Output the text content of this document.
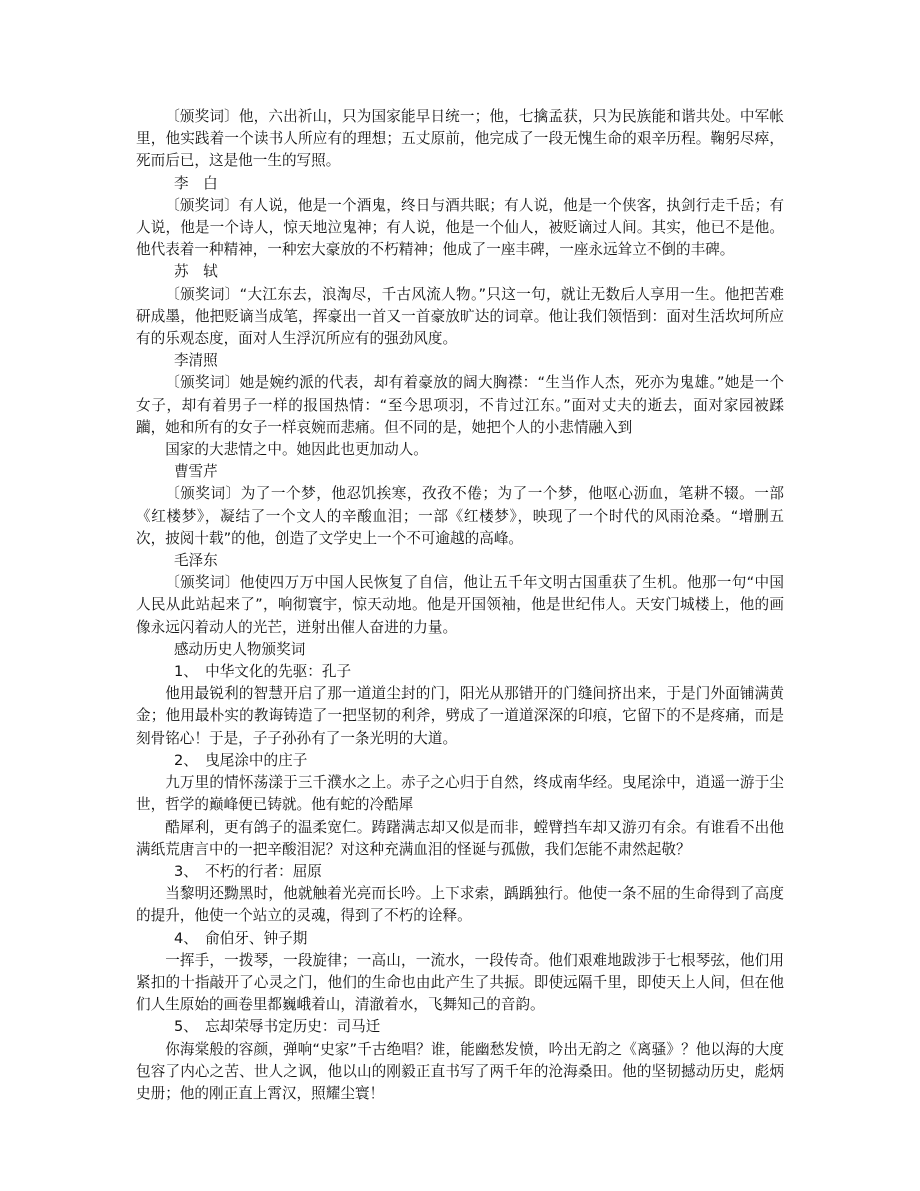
〔颁奖词〕他，六出祈山，只为国家能早日统一；他，七擒孟获，只为民族能和谐共处。中军帐里，他实践着一个读书人所应有的理想；五丈原前，他完成了一段无愧生命的艰辛历程。鞠躬尽瘁，死而后已，这是他一生的写照。

李　白

〔颁奖词〕有人说，他是一个酒鬼，终日与酒共眠；有人说，他是一个侠客，执剑行走千岳；有人说，他是一个诗人，惊天地泣鬼神；有人说，他是一个仙人，被贬谪过人间。其实，他已不是他。他代表着一种精神，一种宏大豪放的不朽精神；他成了一座丰碑，一座永远耸立不倒的丰碑。

苏　轼

〔颁奖词〕“大江东去，浪淘尽，千古风流人物。”只这一句，就让无数后人享用一生。他把苦难研成墨，他把贬谪当成笔，挥豪出一首又一首豪放旷达的词章。他让我们领悟到：面对生活坎坷所应有的乐观态度，面对人生浮沉所应有的强劲风度。

李清照

〔颁奖词〕她是婉约派的代表，却有着豪放的阔大胸襟：“生当作人杰，死亦为鬼雄。”她是一个女子，却有着男子一样的报国热情：“至今思项羽，不肯过江东。”面对丈夫的逝去，面对家园被蹂躏，她和所有的女子一样哀婉而悲痛。但不同的是，她把个人的小悲情融入到

国家的大悲情之中。她因此也更加动人。

曹雪芹

〔颁奖词〕为了一个梦，他忍饥挨寒，孜孜不倦；为了一个梦，他呕心沥血，笔耕不辍。一部《红楼梦》，凝结了一个文人的辛酸血泪；一部《红楼梦》，映现了一个时代的风雨沧桑。“增删五次，披阅十载”的他，创造了文学史上一个不可逾越的高峰。

毛泽东

〔颁奖词〕他使四万万中国人民恢复了自信，他让五千年文明古国重获了生机。他那一句“中国人民从此站起来了”，响彻寰宇，惊天动地。他是开国领袖，他是世纪伟人。天安门城楼上，他的画像永远闪着动人的光芒，迸射出催人奋进的力量。

感动历史人物颁奖词

1、　中华文化的先驱：孔子

他用最锐利的智慧开启了那一道道尘封的门，阳光从那错开的门缝间挤出来，于是门外面铺满黄金；他用最朴实的教诲铸造了一把坚韧的利斧，劈成了一道道深深的印痕，它留下的不是疼痛，而是刻骨铭心！于是，子子孙孙有了一条光明的大道。

2、　曳尾涂中的庄子

九万里的情怀荡漾于三千濮水之上。赤子之心归于自然，终成南华经。曳尾涂中，逍遥一游于尘世，哲学的巅峰便已铸就。他有蛇的冷酷犀

酷犀利，更有鸽子的温柔宽仁。踌躇满志却又似是而非，螳臂挡车却又游刃有余。有谁看不出他满纸荒唐言中的一把辛酸泪泥？对这种充满血泪的怪诞与孤傲，我们怎能不肃然起敬？

3、　不朽的行者：屈原

当黎明还黝黑时，他就触着光亮而长吟。上下求索，踽踽独行。他使一条不屈的生命得到了高度的提升，他使一个站立的灵魂，得到了不朽的诠释。

4、　俞伯牙、钟子期

一挥手，一拨琴，一段旋律；一高山，一流水，一段传奇。他们艰难地跋涉于七根琴弦，他们用紧扣的十指敲开了心灵之门，他们的生命也由此产生了共振。即使远隔千里，即使天上人间，但在他们人生原始的画卷里都巍峨着山，清澈着水，飞舞知己的音韵。

5、　忘却荣辱书定历史：司马迁

你海棠般的容颜，弹响“史家”千古绝唱？谁，能幽愁发愤，吟出无韵之《离骚》？他以海的大度包容了内心之苦、世人之讽，他以山的刚毅正直书写了两千年的沧海桑田。他的坚韧撼动历史，彪炳史册；他的刚正直上霄汉，照耀尘寰！
